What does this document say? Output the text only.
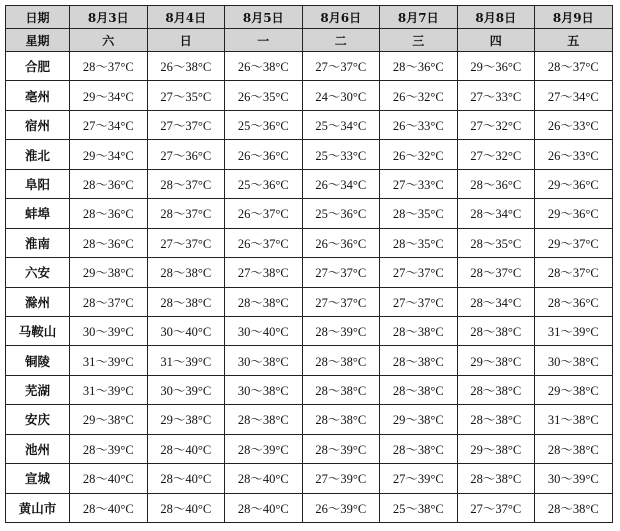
日期	8月3日	8月4日	8月5日	8月6日	8月7日	8月8日	8月9日
星期	六	日	一	二	三	四	五
合肥	28～37°C	26～38°C	26～38°C	27～37°C	28～36°C	29～36°C	28～37°C
亳州	29～34°C	27～35°C	26～35°C	24～30°C	26～32°C	27～33°C	27～34°C
宿州	27～34°C	27～37°C	25～36°C	25～34°C	26～33°C	27～32°C	26～33°C
淮北	29～34°C	27～36°C	26～36°C	25～33°C	26～32°C	27～32°C	26～33°C
阜阳	28～36°C	28～37°C	25～36°C	26～34°C	27～33°C	28～36°C	29～36°C
蚌埠	28～36°C	28～37°C	26～37°C	25～36°C	28～35°C	28～34°C	29～36°C
淮南	28～36°C	27～37°C	26～37°C	26～36°C	28～35°C	28～35°C	29～37°C
六安	29～38°C	28～38°C	27～38°C	27～37°C	27～37°C	28～37°C	28～37°C
滁州	28～37°C	28～38°C	28～38°C	27～37°C	27～37°C	28～34°C	28～36°C
马鞍山	30～39°C	30～40°C	30～40°C	28～39°C	28～38°C	28～38°C	31～39°C
铜陵	31～39°C	31～39°C	30～38°C	28～38°C	28～38°C	29～38°C	30～38°C
芜湖	31～39°C	30～39°C	30～38°C	28～38°C	28～38°C	28～38°C	29～38°C
安庆	29～38°C	29～38°C	28～38°C	28～38°C	29～38°C	28～38°C	31～38°C
池州	28～39°C	28～40°C	28～39°C	28～39°C	28～38°C	29～38°C	28～38°C
宣城	28～40°C	28～40°C	28～40°C	27～39°C	27～39°C	28～38°C	30～39°C
黄山市	28～40°C	28～40°C	28～40°C	26～39°C	25～38°C	27～37°C	28～38°C
